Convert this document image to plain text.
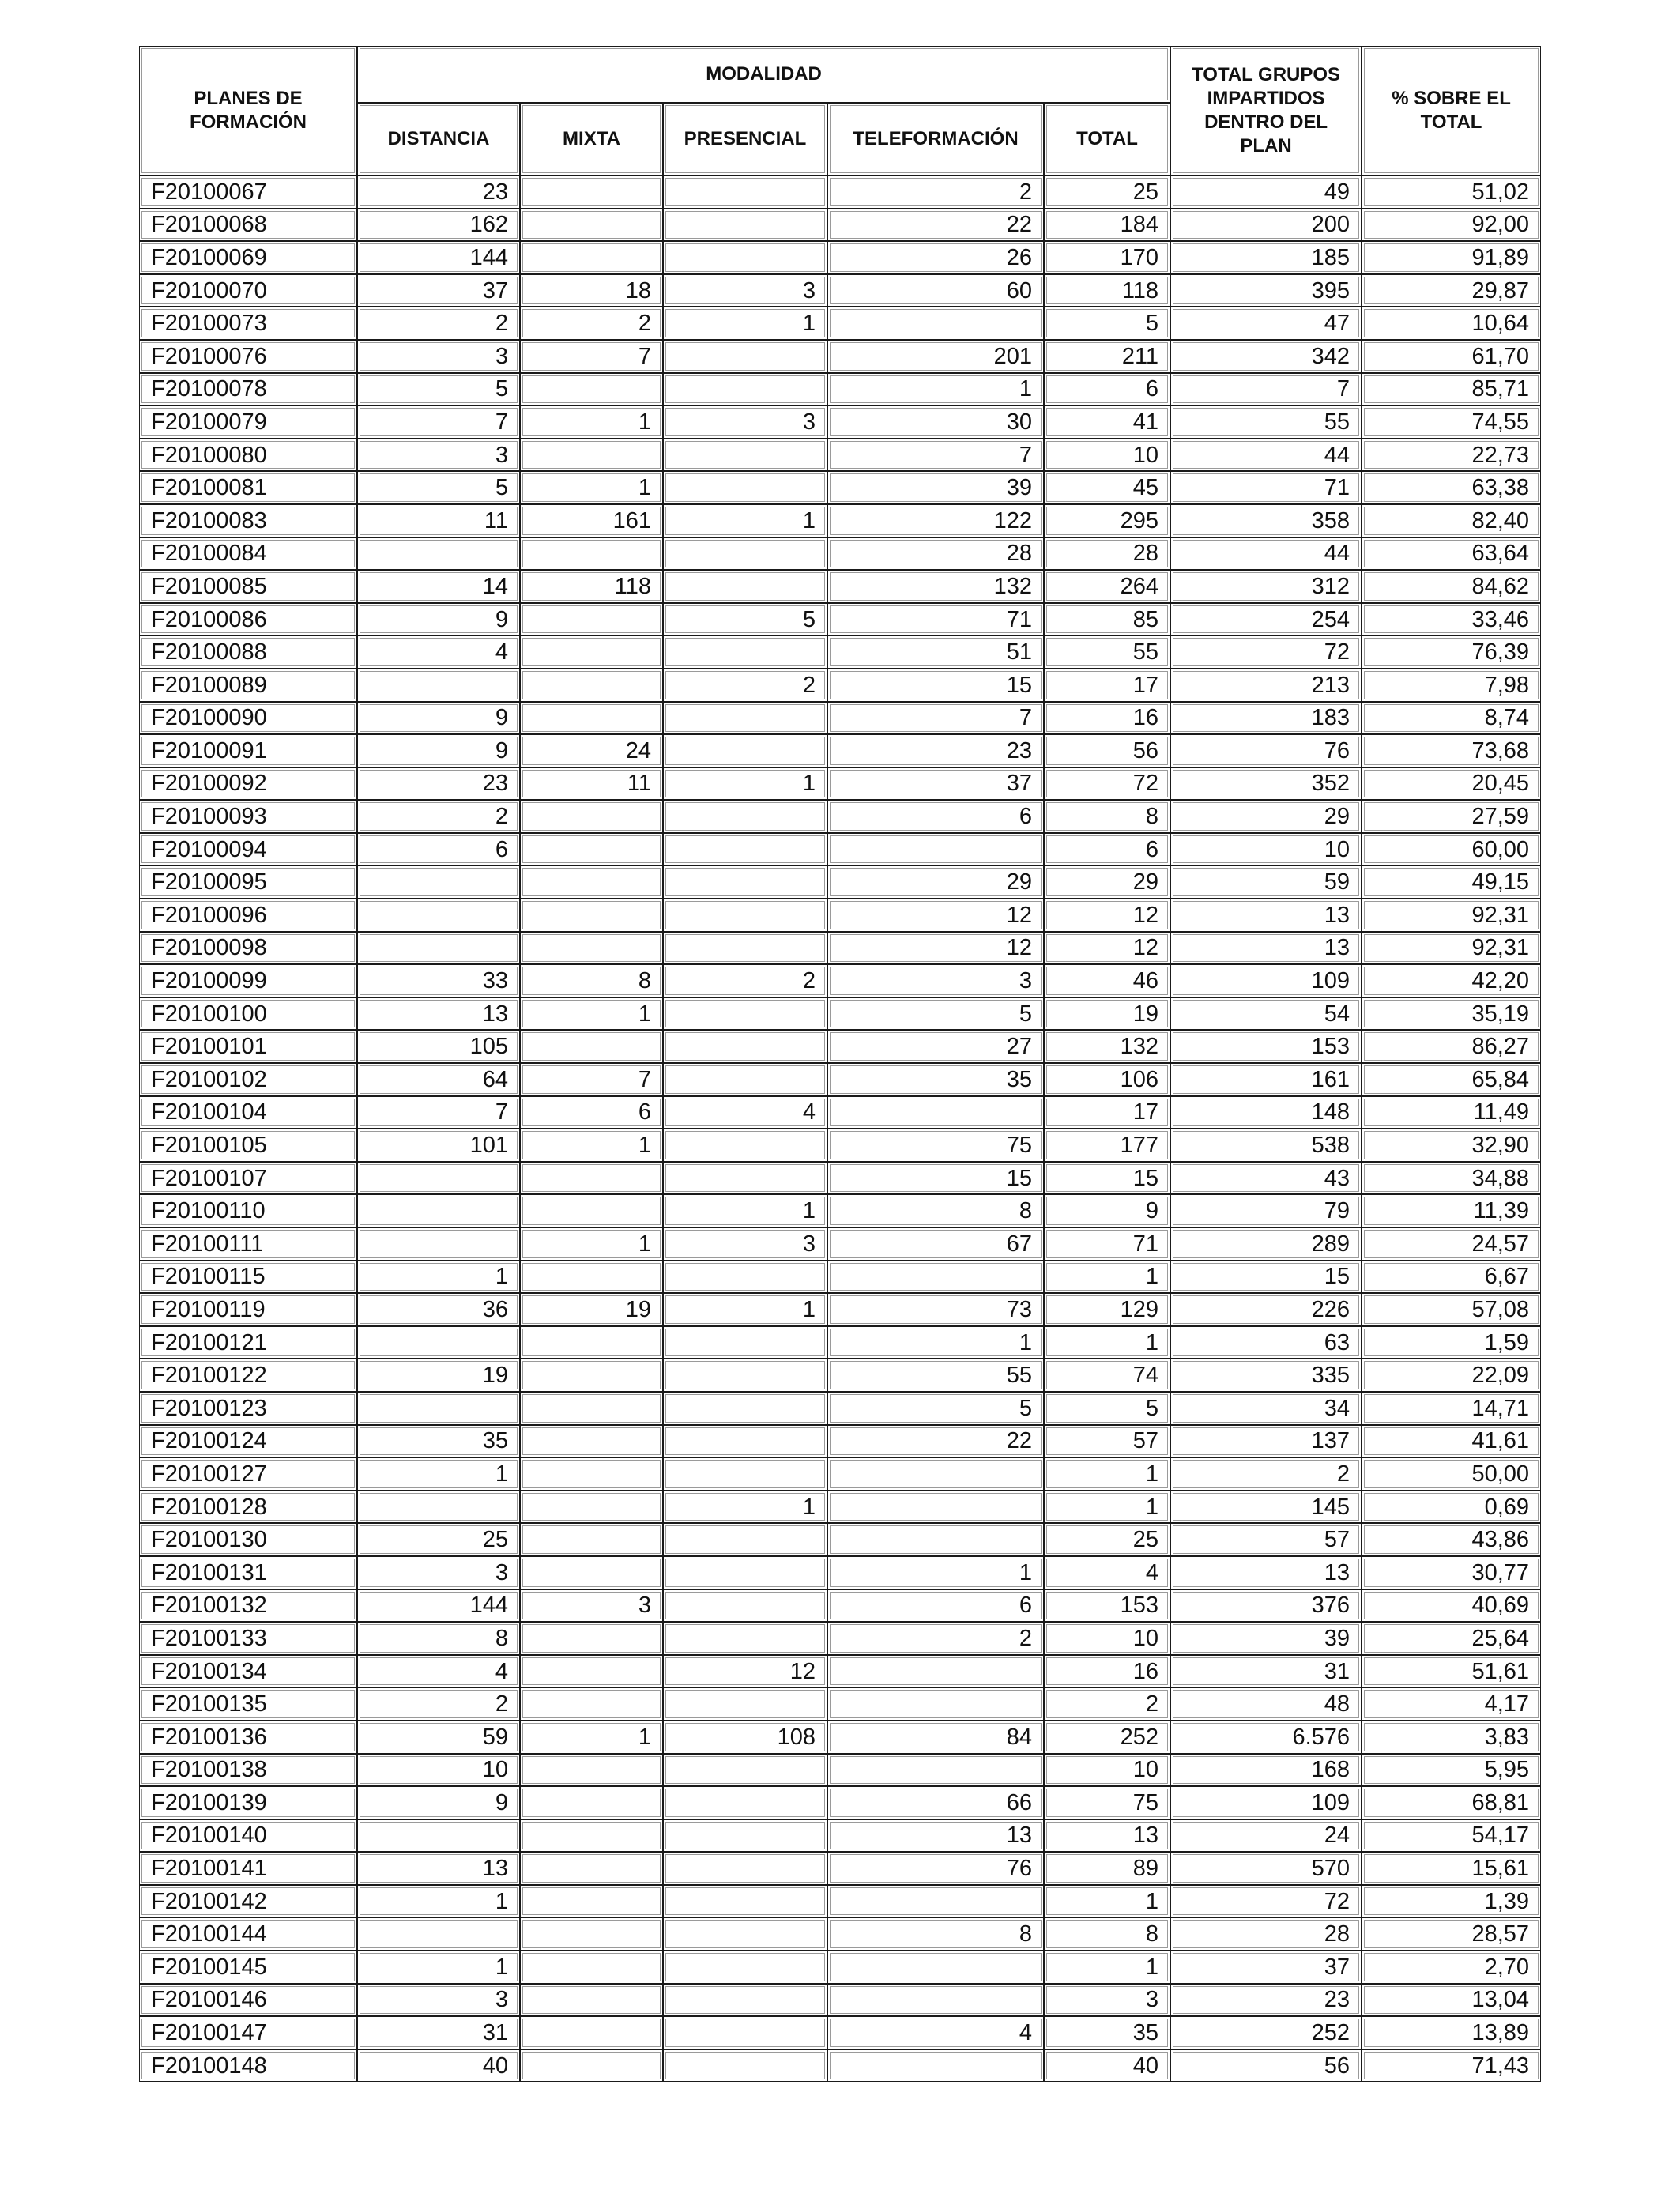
PLANES DE FORMACIÓN	MODALIDAD					TOTAL GRUPOS IMPARTIDOS DENTRO DEL PLAN	% SOBRE EL TOTAL
	DISTANCIA	MIXTA	PRESENCIAL	TELEFORMACIÓN	TOTAL		
F20100067	23			2	25	49	51,02
F20100068	162			22	184	200	92,00
F20100069	144			26	170	185	91,89
F20100070	37	18	3	60	118	395	29,87
F20100073	2	2	1		5	47	10,64
F20100076	3	7		201	211	342	61,70
F20100078	5			1	6	7	85,71
F20100079	7	1	3	30	41	55	74,55
F20100080	3			7	10	44	22,73
F20100081	5	1		39	45	71	63,38
F20100083	11	161	1	122	295	358	82,40
F20100084				28	28	44	63,64
F20100085	14	118		132	264	312	84,62
F20100086	9		5	71	85	254	33,46
F20100088	4			51	55	72	76,39
F20100089			2	15	17	213	7,98
F20100090	9			7	16	183	8,74
F20100091	9	24		23	56	76	73,68
F20100092	23	11	1	37	72	352	20,45
F20100093	2			6	8	29	27,59
F20100094	6				6	10	60,00
F20100095				29	29	59	49,15
F20100096				12	12	13	92,31
F20100098				12	12	13	92,31
F20100099	33	8	2	3	46	109	42,20
F20100100	13	1		5	19	54	35,19
F20100101	105			27	132	153	86,27
F20100102	64	7		35	106	161	65,84
F20100104	7	6	4		17	148	11,49
F20100105	101	1		75	177	538	32,90
F20100107				15	15	43	34,88
F20100110			1	8	9	79	11,39
F20100111		1	3	67	71	289	24,57
F20100115	1				1	15	6,67
F20100119	36	19	1	73	129	226	57,08
F20100121				1	1	63	1,59
F20100122	19			55	74	335	22,09
F20100123				5	5	34	14,71
F20100124	35			22	57	137	41,61
F20100127	1				1	2	50,00
F20100128			1		1	145	0,69
F20100130	25				25	57	43,86
F20100131	3			1	4	13	30,77
F20100132	144	3		6	153	376	40,69
F20100133	8			2	10	39	25,64
F20100134	4		12		16	31	51,61
F20100135	2				2	48	4,17
F20100136	59	1	108	84	252	6.576	3,83
F20100138	10				10	168	5,95
F20100139	9			66	75	109	68,81
F20100140				13	13	24	54,17
F20100141	13			76	89	570	15,61
F20100142	1				1	72	1,39
F20100144				8	8	28	28,57
F20100145	1				1	37	2,70
F20100146	3				3	23	13,04
F20100147	31			4	35	252	13,89
F20100148	40				40	56	71,43
